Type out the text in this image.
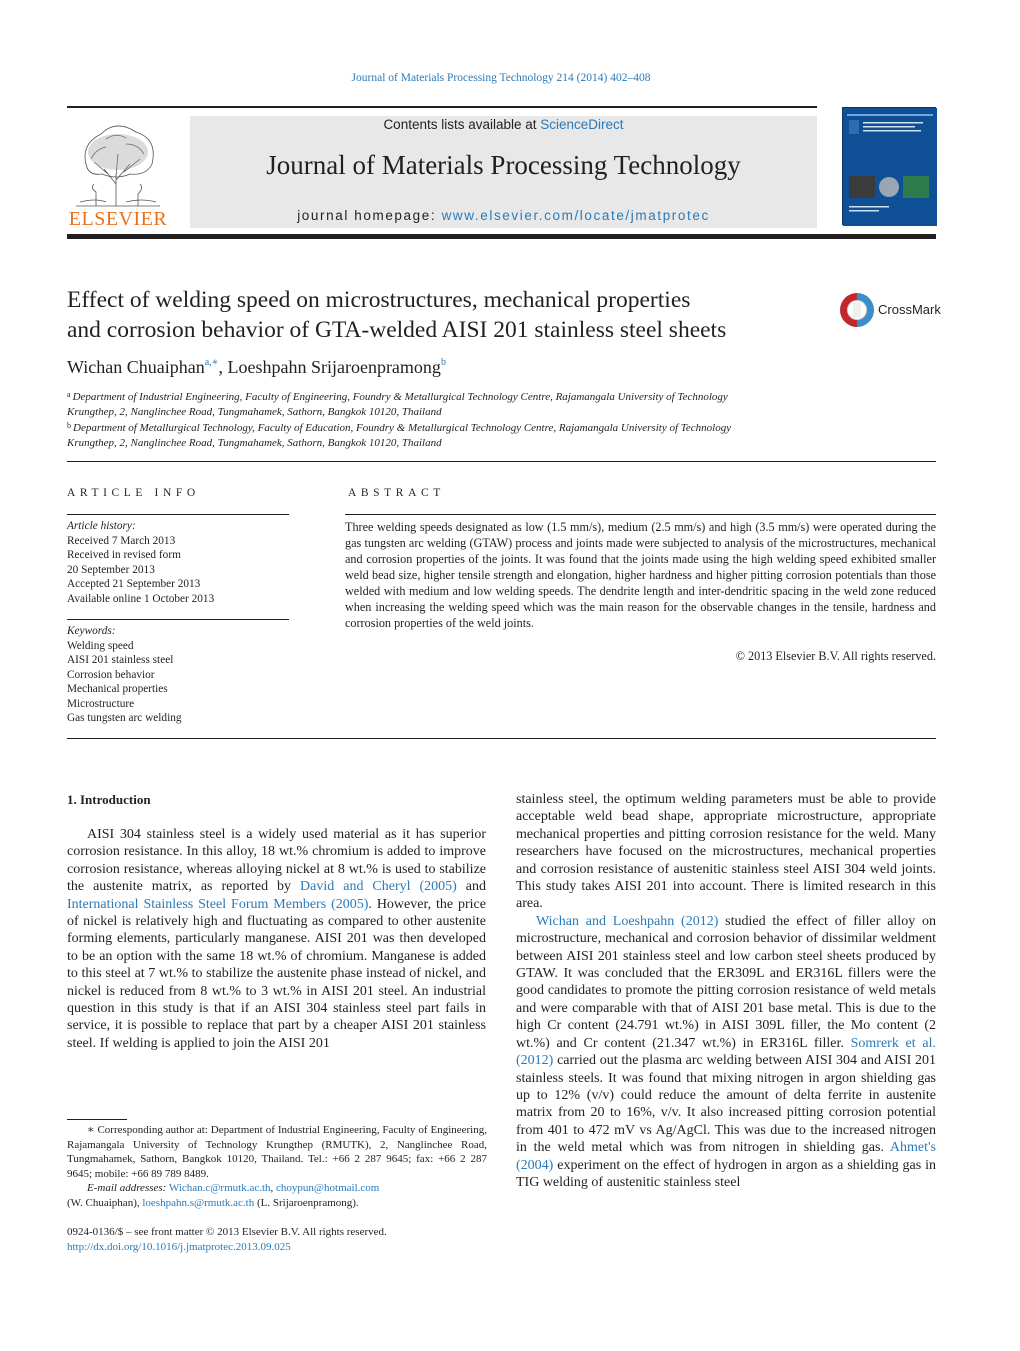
Journal of Materials Processing Technology 214 (2014) 402–408
ELSEVIER
Contents lists available at ScienceDirect
Journal of Materials Processing Technology
journal homepage: www.elsevier.com/locate/jmatprotec
Effect of welding speed on microstructures, mechanical properties
and corrosion behavior of GTA-welded AISI 201 stainless steel sheets
CrossMark
Wichan Chuaiphan$^{a,∗}$, Loeshpahn Srijaroenpramong$^b$
$^a$ Department of Industrial Engineering, Faculty of Engineering, Foundry & Metallurgical Technology Centre, Rajamangala University of Technology
Krungthep, 2, Nanglinchee Road, Tungmahamek, Sathorn, Bangkok 10120, Thailand
$^b$ Department of Metallurgical Technology, Faculty of Education, Foundry & Metallurgical Technology Centre, Rajamangala University of Technology
Krungthep, 2, Nanglinchee Road, Tungmahamek, Sathorn, Bangkok 10120, Thailand
ARTICLE INFO	ABSTRACT
Article history:
Received 7 March 2013
Received in revised form
20 September 2013
Accepted 21 September 2013
Available online 1 October 2013
Keywords:
Welding speed
AISI 201 stainless steel
Corrosion behavior
Mechanical properties
Microstructure
Gas tungsten arc welding
Three welding speeds designated as low (1.5 mm/s), medium (2.5 mm/s) and high (3.5 mm/s) were operated during the gas tungsten arc welding (GTAW) process and joints made were subjected to analysis of the microstructures, mechanical and corrosion properties of the joints. It was found that the joints made using the high welding speed exhibited smaller weld bead size, higher tensile strength and elongation, higher hardness and higher pitting corrosion potentials than those welded with medium and low welding speeds. The dendrite length and inter-dendritic spacing in the weld zone reduced when increasing the welding speed which was the main reason for the observable changes in the tensile, hardness and corrosion properties of the weld joints.
© 2013 Elsevier B.V. All rights reserved.
1. Introduction

AISI 304 stainless steel is a widely used material as it has superior corrosion resistance. In this alloy, 18 wt.% chromium is added to improve corrosion resistance, whereas alloying nickel at 8 wt.% is used to stabilize the austenite matrix, as reported by David and Cheryl (2005) and International Stainless Steel Forum Members (2005). However, the price of nickel is relatively high and fluctuating as compared to other austenite forming elements, particularly manganese. AISI 201 was then developed to be an option with the same 18 wt.% of chromium. Manganese is added to this steel at 7 wt.% to stabilize the austenite phase instead of nickel, and nickel is reduced from 8 wt.% to 3 wt.% in AISI 201 steel. An industrial question in this study is that if an AISI 304 stainless steel part fails in service, it is possible to replace that part by a cheaper AISI 201 stainless steel. If welding is applied to join the AISI 201

stainless steel, the optimum welding parameters must be able to provide acceptable weld bead shape, appropriate microstructure, appropriate mechanical properties and pitting corrosion resistance for the weld. Many researchers have focused on the microstructures, mechanical properties and corrosion resistance of austenitic stainless steel AISI 304 weld joints. This study takes AISI 201 into account. There is limited research in this area.

Wichan and Loeshpahn (2012) studied the effect of filler alloy on microstructure, mechanical and corrosion behavior of dissimilar weldment between AISI 201 stainless steel and low carbon steel sheets produced by GTAW. It was concluded that the ER309L and ER316L fillers were the good candidates to promote the pitting corrosion resistance of weld metals and were comparable with that of AISI 201 base metal. This is due to the high Cr content (24.791 wt.%) in AISI 309L filler, the Mo content (2 wt.%) and Cr content (21.347 wt.%) in ER316L filler. Somrerk et al. (2012) carried out the plasma arc welding between AISI 304 and AISI 201 stainless steels. It was found that mixing nitrogen in argon shielding gas up to 12% (v/v) could reduce the amount of delta ferrite in austenite matrix from 20 to 16%, v/v. It also increased pitting corrosion potential from 401 to 472 mV vs Ag/AgCl. This was due to the increased nitrogen in the weld metal which was from nitrogen in shielding gas. Ahmet's (2004) experiment on the effect of hydrogen in argon as a shielding gas in TIG welding of austenitic stainless steel

∗ Corresponding author at: Department of Industrial Engineering, Faculty of Engineering, Rajamangala University of Technology Krungthep (RMUTK), 2, Nanglinchee Road, Tungmahamek, Sathorn, Bangkok 10120, Thailand. Tel.: +66 2 287 9645; fax: +66 2 287 9645; mobile: +66 89 789 8489.
E-mail addresses: Wichan.c@rmutk.ac.th, choypun@hotmail.com
(W. Chuaiphan), loeshpahn.s@rmutk.ac.th (L. Srijaroenpramong).
0924-0136/$ – see front matter © 2013 Elsevier B.V. All rights reserved.
http://dx.doi.org/10.1016/j.jmatprotec.2013.09.025
